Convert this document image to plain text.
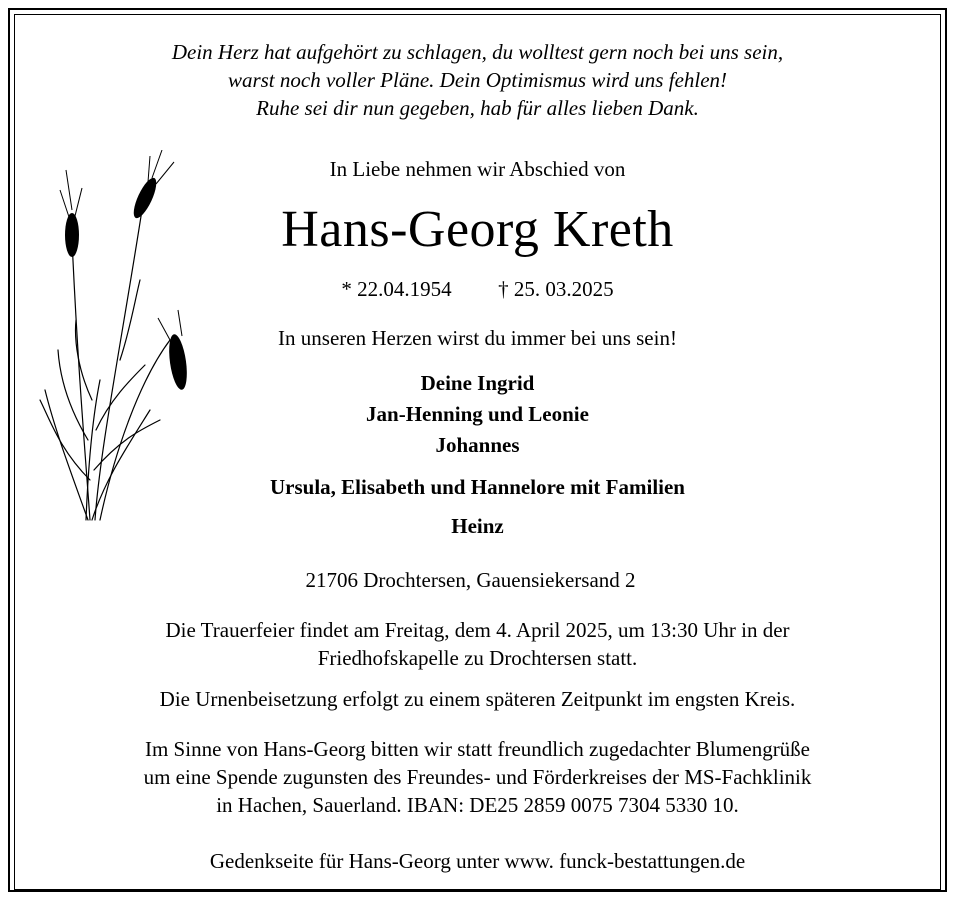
Dein Herz hat aufgehört zu schlagen, du wolltest gern noch bei uns sein,
warst noch voller Pläne. Dein Optimismus wird uns fehlen!
Ruhe sei dir nun gegeben, hab für alles lieben Dank.
In Liebe nehmen wir Abschied von
Hans-Georg Kreth
* 22.04.1954 † 25. 03.2025
In unseren Herzen wirst du immer bei uns sein!
Deine Ingrid
Jan-Henning und Leonie
Johannes
Ursula, Elisabeth und Hannelore mit Familien
Heinz
21706 Drochtersen, Gauensiekersand 2
Die Trauerfeier findet am Freitag, dem 4. April 2025, um 13:30 Uhr in der
Friedhofskapelle zu Drochtersen statt.
Die Urnenbeisetzung erfolgt zu einem späteren Zeitpunkt im engsten Kreis.
Im Sinne von Hans-Georg bitten wir statt freundlich zugedachter Blumengrüße
um eine Spende zugunsten des Freundes- und Förderkreises der MS-Fachklinik
in Hachen, Sauerland. IBAN: DE25 2859 0075 7304 5330 10.
Gedenkseite für Hans-Georg unter www. funck-bestattungen.de
